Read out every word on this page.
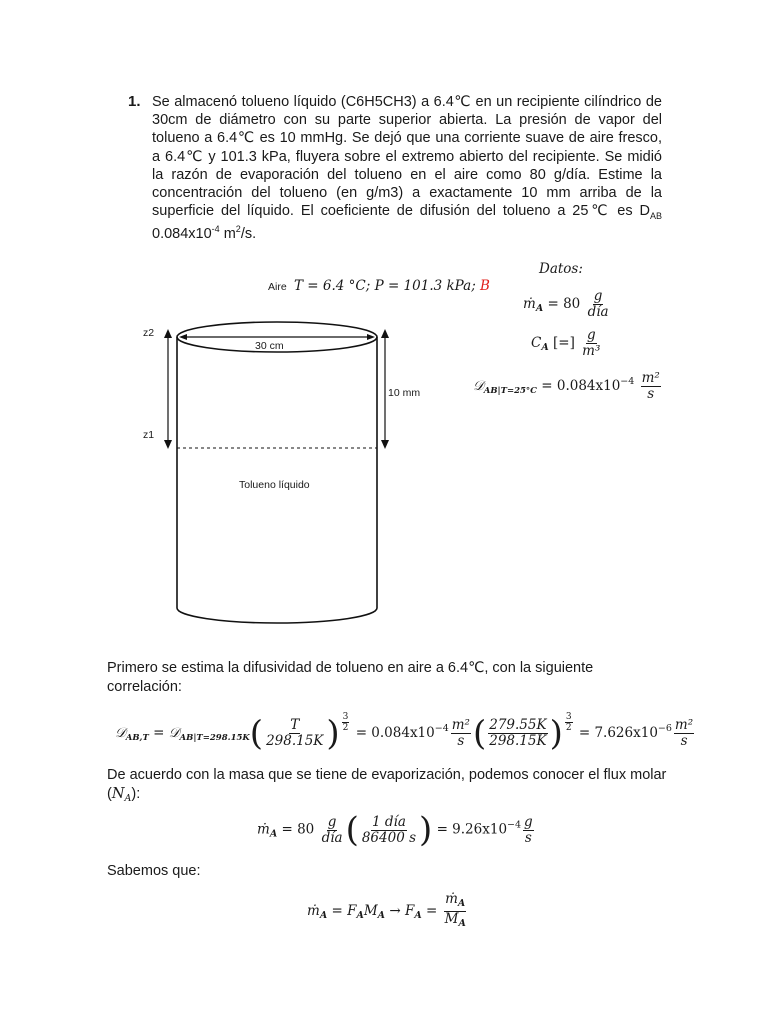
1. Se almacenó tolueno líquido (C6H5CH3) a 6.4℃ en un recipiente cilíndrico de 30cm de diámetro con su parte superior abierta. La presión de vapor del tolueno a 6.4℃ es 10 mmHg. Se dejó que una corriente suave de aire fresco, a 6.4℃ y 101.3 kPa, fluyera sobre el extremo abierto del recipiente. Se midió la razón de evaporación del tolueno en el aire como 80 g/día. Estime la concentración del tolueno (en g/m3) a exactamente 10 mm arriba de la superficie del líquido. El coeficiente de difusión del tolueno a 25℃ es $D_{AB}$ $0.084x10^{-4}$ $m^2/s$.
Aire T = 6.4 °C; P = 101.3 kPa; B
z2
z1
30 cm
10 mm
Tolueno líquido
Datos:
ṁ$_A$ = 80 g
día
$C_A$ [=] $\frac{g}{\text{m³}}$
𝒟$_{AB|T=25^\circ C}$ = $0.084x10^{-4} \frac{\text{m²}}{s}$
Primero se estima la difusividad de tolueno en aire a 6.4℃, con la siguiente correlación:
𝒟$_{AB,T}$ = 𝒟$_{AB|T=298.15K}$( $\frac{T}{298.15K}$ ) $\frac{3}{2} = 0.084x10^{-4} \frac{\text{m²}}{s}$ ( $\frac{279.55K}{298.15K}$ ) $\frac{3}{2} = 7.626x10^{-6} \frac{\text{m²}}{s}$
De acuerdo con la masa que se tiene de evaporización, podemos conocer el flux molar $(N_A)$:
ṁ$_A$ = 80 g
día ( 1 día
86400 s ) = $9.26x10^{-4} \frac{g}{s}$
Sabemos que:
ṁ$_A$ = $F_AM_A \to F_A = \frac{ṁ_A}{M_A}$
